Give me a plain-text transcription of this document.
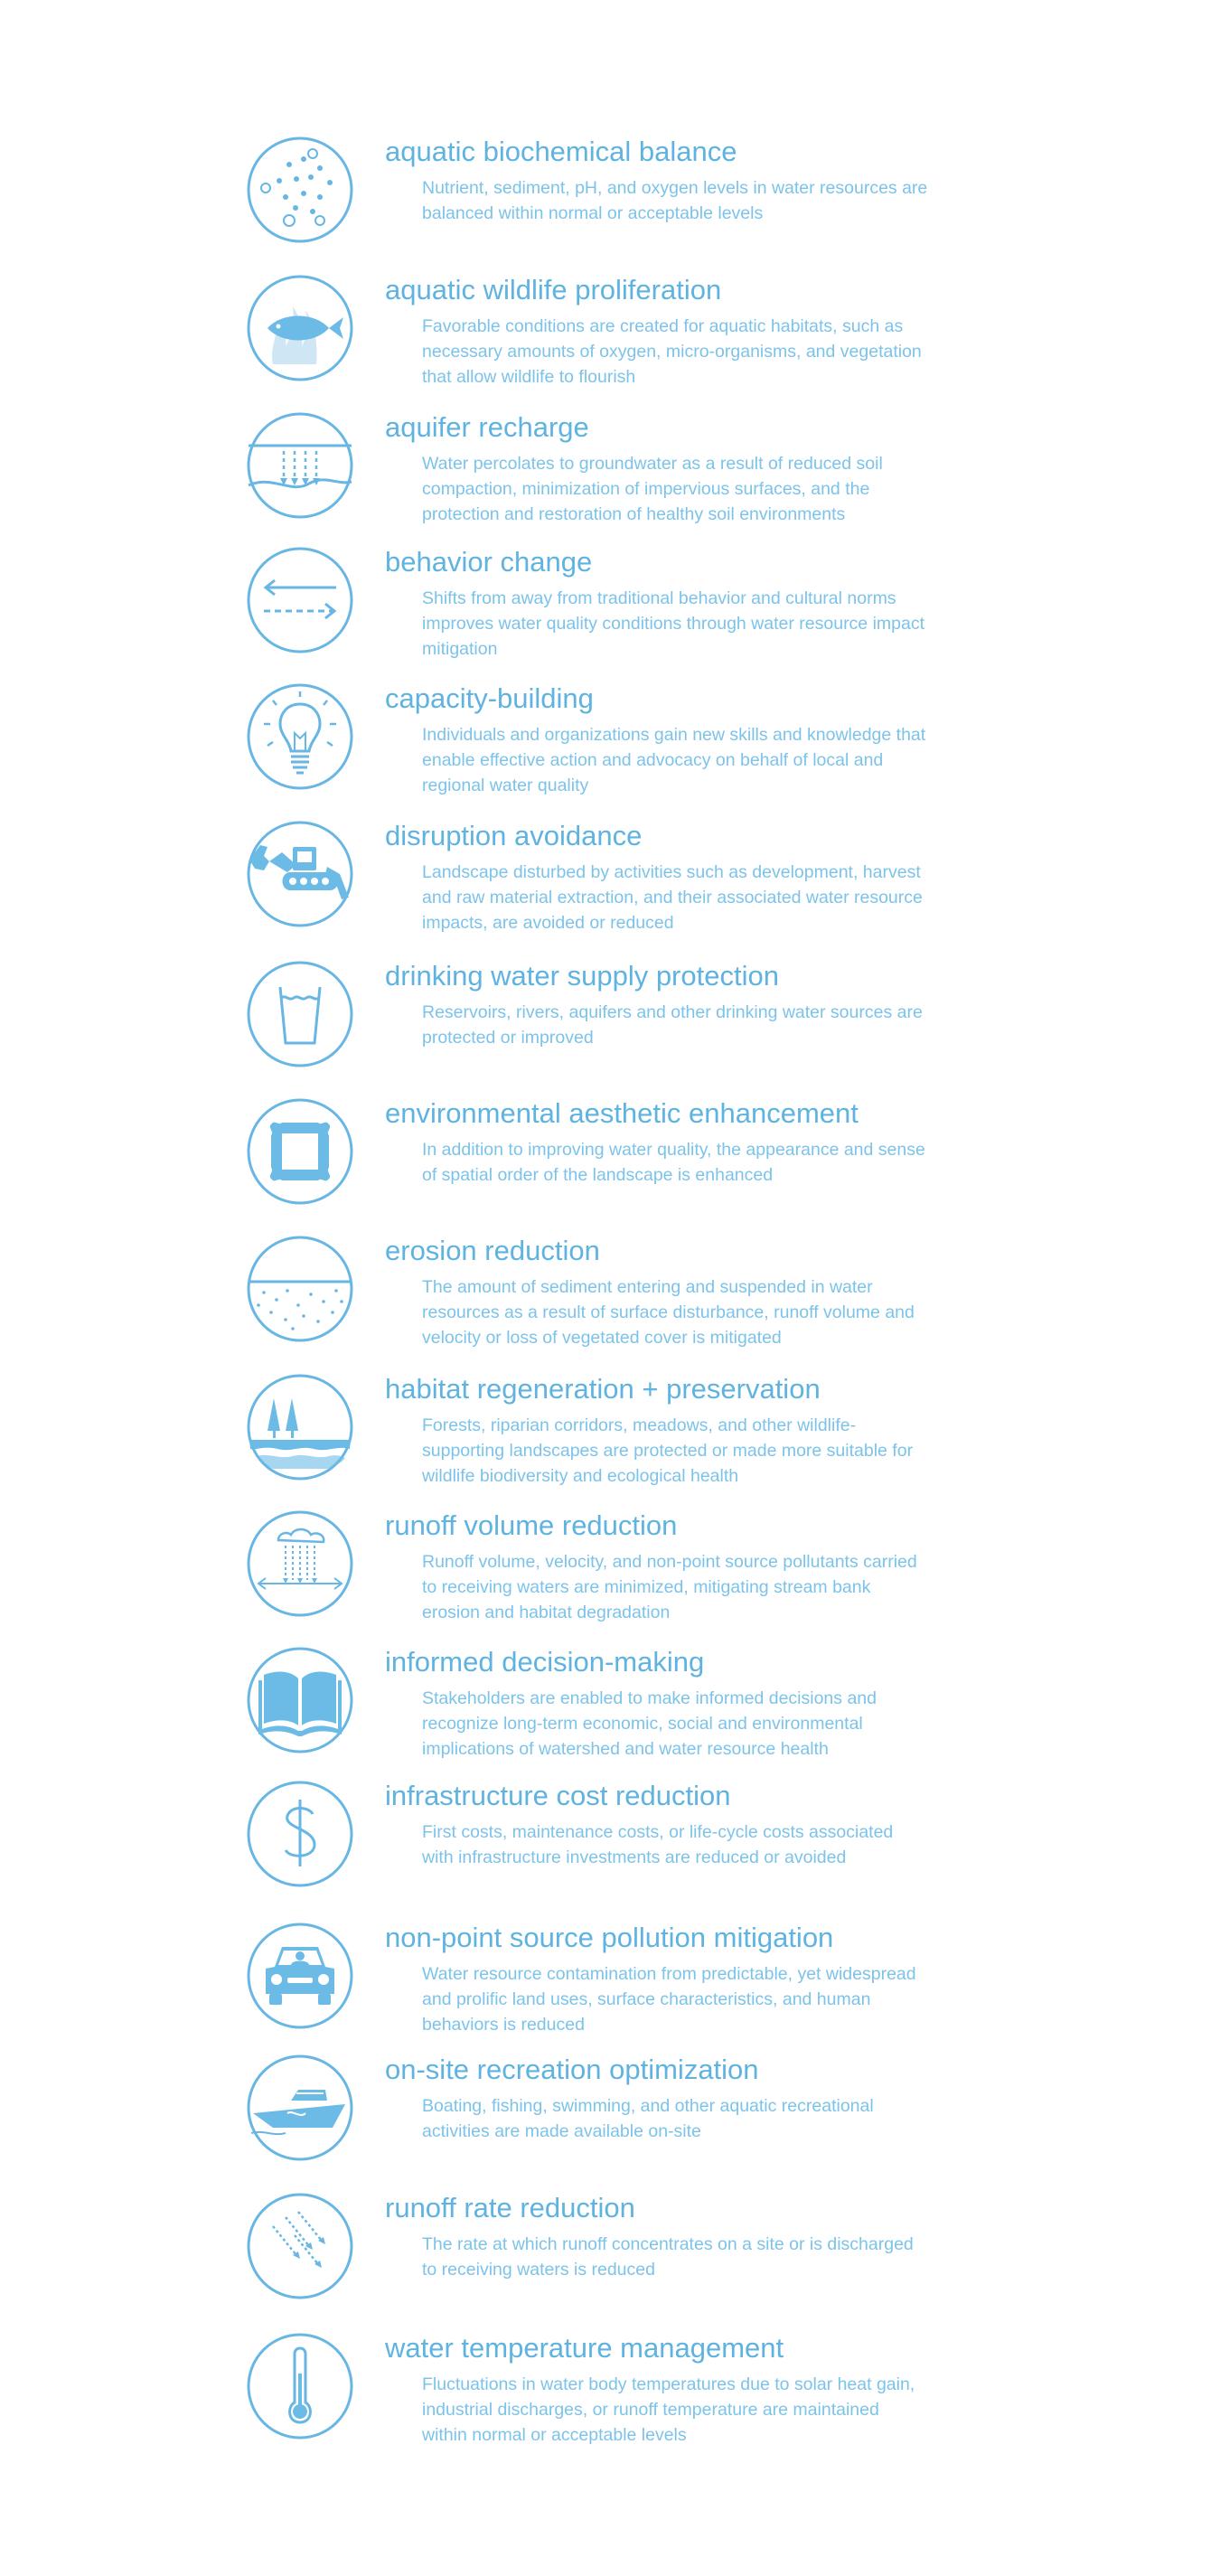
aquatic biochemical balance
Nutrient, sediment, pH, and oxygen levels in water resources are balanced within normal or acceptable levels
aquatic wildlife proliferation
Favorable conditions are created for aquatic habitats, such as necessary amounts of oxygen, micro-organisms, and vegetation that allow wildlife to flourish
aquifer recharge
Water percolates to groundwater as a result of reduced soil compaction, minimization of impervious surfaces, and the protection and restoration of healthy soil environments
behavior change
Shifts from away from traditional behavior and cultural norms improves water quality conditions through water resource impact mitigation
capacity-building
Individuals and organizations gain new skills and knowledge that enable effective action and advocacy on behalf of local and regional water quality
disruption avoidance
Landscape disturbed by activities such as development, harvest and raw material extraction, and their associated water resource impacts, are avoided or reduced
drinking water supply protection
Reservoirs, rivers, aquifers and other drinking water sources are protected or improved
environmental aesthetic enhancement
In addition to improving water quality, the appearance and sense of spatial order of the landscape is enhanced
erosion reduction
The amount of sediment entering and suspended in water resources as a result of surface disturbance, runoff volume and velocity or loss of vegetated cover is mitigated
habitat regeneration + preservation
Forests, riparian corridors, meadows, and other wildlife-supporting landscapes are protected or made more suitable for wildlife biodiversity and ecological health
runoff volume reduction
Runoff volume, velocity, and non-point source pollutants carried to receiving waters are minimized, mitigating stream bank erosion and habitat degradation
informed decision-making
Stakeholders are enabled to make informed decisions and recognize long-term economic, social and environmental implications of watershed and water resource health
infrastructure cost reduction
First costs, maintenance costs, or life-cycle costs associated with infrastructure investments are reduced or avoided
non-point source pollution mitigation
Water resource contamination from predictable, yet widespread and prolific land uses, surface characteristics, and human behaviors is reduced
on-site recreation optimization
Boating, fishing, swimming, and other aquatic recreational activities are made available on-site
runoff rate reduction
The rate at which runoff concentrates on a site or is discharged to receiving waters is reduced
water temperature management
Fluctuations in water body temperatures due to solar heat gain, industrial discharges, or runoff temperature are maintained within normal or acceptable levels
